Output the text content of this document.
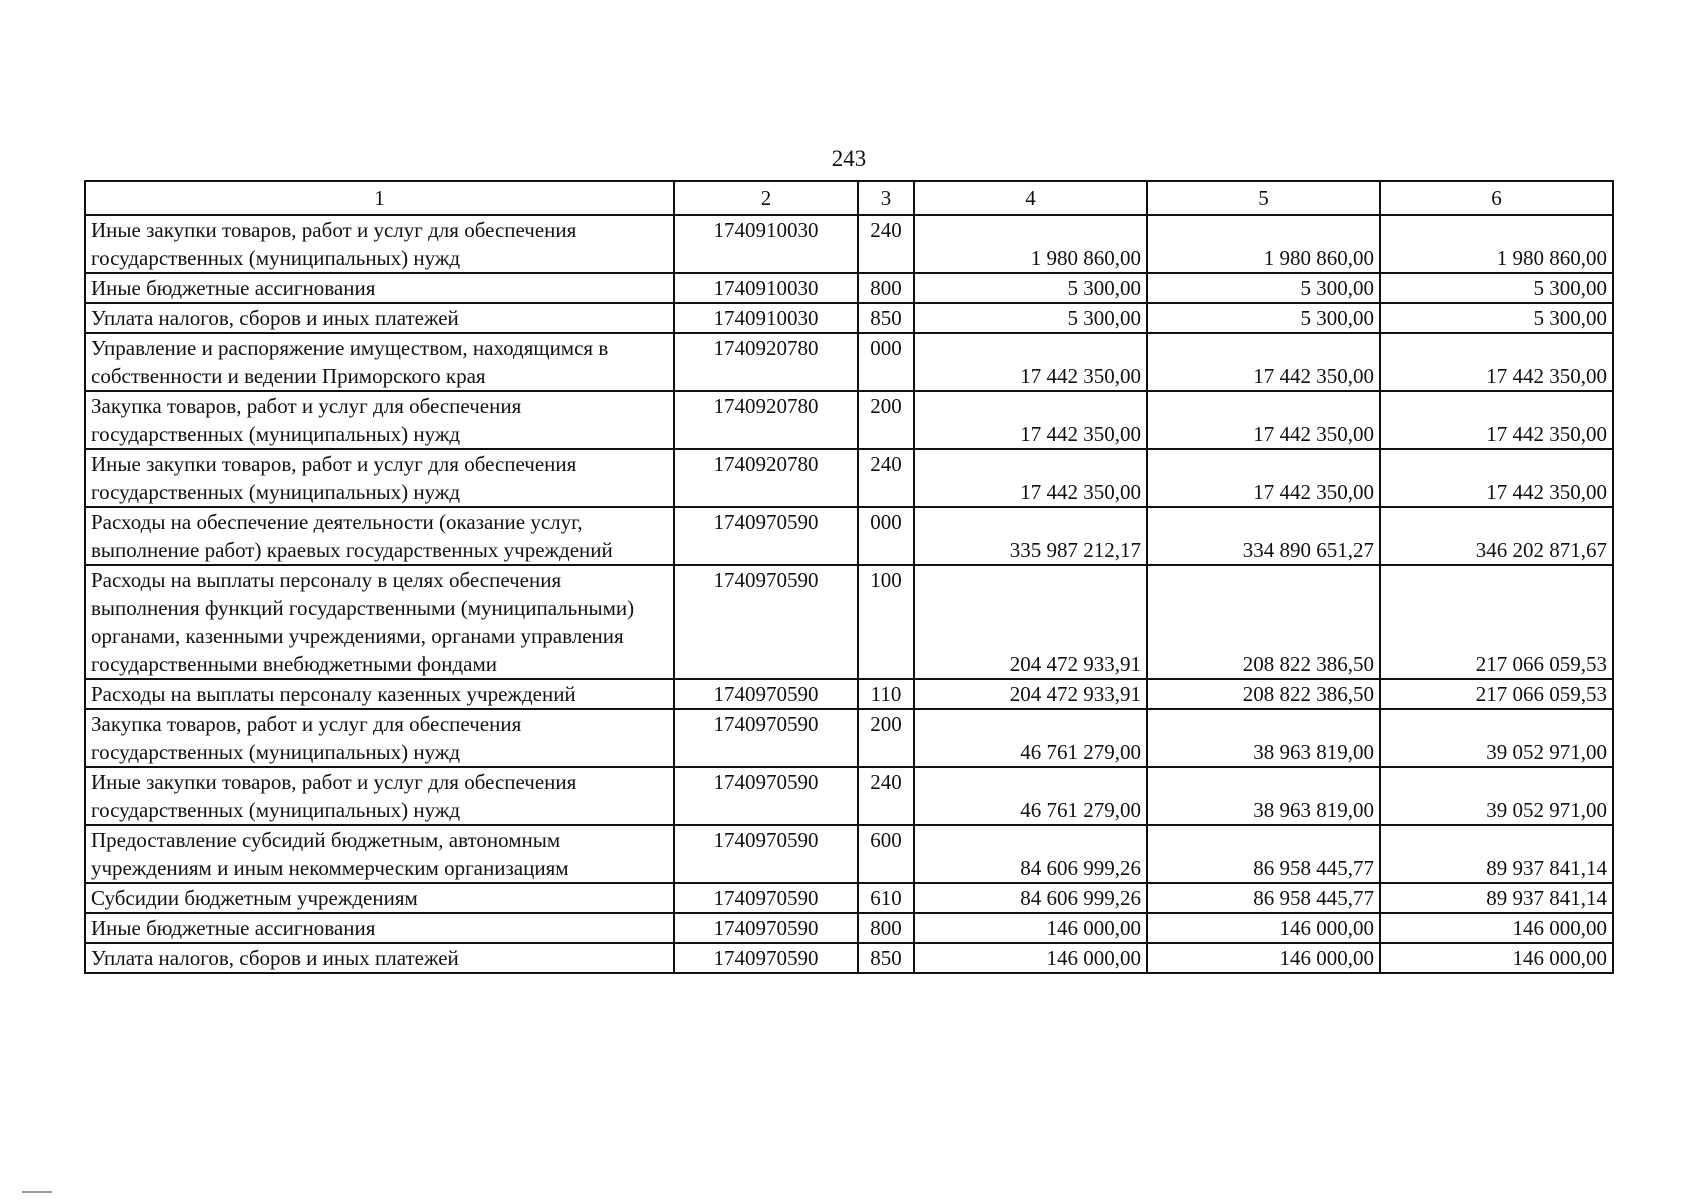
243
1	2	3	4	5	6
Иные закупки товаров, работ и услуг для обеспечения государственных (муниципальных) нужд	1740910030	240	1 980 860,00	1 980 860,00	1 980 860,00
Иные бюджетные ассигнования	1740910030	800	5 300,00	5 300,00	5 300,00
Уплата налогов, сборов и иных платежей	1740910030	850	5 300,00	5 300,00	5 300,00
Управление и распоряжение имуществом, находящимся в собственности и ведении Приморского края	1740920780	000	17 442 350,00	17 442 350,00	17 442 350,00
Закупка товаров, работ и услуг для обеспечения государственных (муниципальных) нужд	1740920780	200	17 442 350,00	17 442 350,00	17 442 350,00
Иные закупки товаров, работ и услуг для обеспечения государственных (муниципальных) нужд	1740920780	240	17 442 350,00	17 442 350,00	17 442 350,00
Расходы на обеспечение деятельности (оказание услуг, выполнение работ) краевых государственных учреждений	1740970590	000	335 987 212,17	334 890 651,27	346 202 871,67
Расходы на выплаты персоналу в целях обеспечения выполнения функций государственными (муниципальными) органами, казенными учреждениями, органами управления государственными внебюджетными фондами	1740970590	100	204 472 933,91	208 822 386,50	217 066 059,53
Расходы на выплаты персоналу казенных учреждений	1740970590	110	204 472 933,91	208 822 386,50	217 066 059,53
Закупка товаров, работ и услуг для обеспечения государственных (муниципальных) нужд	1740970590	200	46 761 279,00	38 963 819,00	39 052 971,00
Иные закупки товаров, работ и услуг для обеспечения государственных (муниципальных) нужд	1740970590	240	46 761 279,00	38 963 819,00	39 052 971,00
Предоставление субсидий бюджетным, автономным учреждениям и иным некоммерческим организациям	1740970590	600	84 606 999,26	86 958 445,77	89 937 841,14
Субсидии бюджетным учреждениям	1740970590	610	84 606 999,26	86 958 445,77	89 937 841,14
Иные бюджетные ассигнования	1740970590	800	146 000,00	146 000,00	146 000,00
Уплата налогов, сборов и иных платежей	1740970590	850	146 000,00	146 000,00	146 000,00
